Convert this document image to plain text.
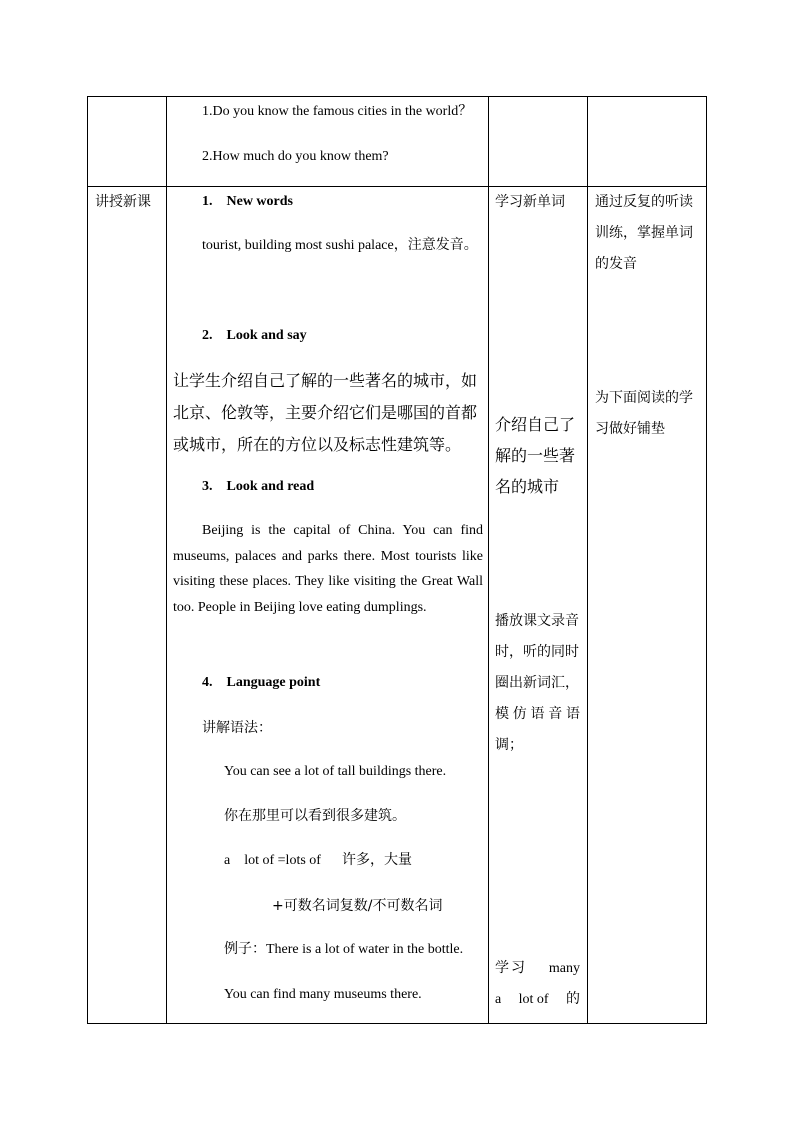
1.Do you know the famous cities in the world？
2.How much do you know them?
讲授新课	1.    New words
tourist, building most sushi palace，注意发音。
2.    Look and say
让学生介绍自己了解的一些著名的城市，如
北京、伦敦等，主要介绍它们是哪国的首都
或城市，所在的方位以及标志性建筑等。
3.    Look and read
Beijing is the capital of China. You can find
museums, palaces and parks there. Most tourists like
visiting these places. They like visiting the Great Wall
too. People in Beijing love eating dumplings.
4.    Language point
讲解语法：
You can see a lot of tall buildings there.
你在那里可以看到很多建筑。
a    lot of =lots of      许多，大量
+可数名词复数/不可数名词
例子：There is a lot of water in the bottle.
You can find many museums there.
学习新单词
介绍自己了
解的一些著
名的城市
播放课文录音
时，听的同时
圈出新词汇，
模 仿 语 音 语
调；
学 习 many
a lot of 的
通过反复的听读
训练，掌握单词
的发音
为下面阅读的学
习做好铺垫
